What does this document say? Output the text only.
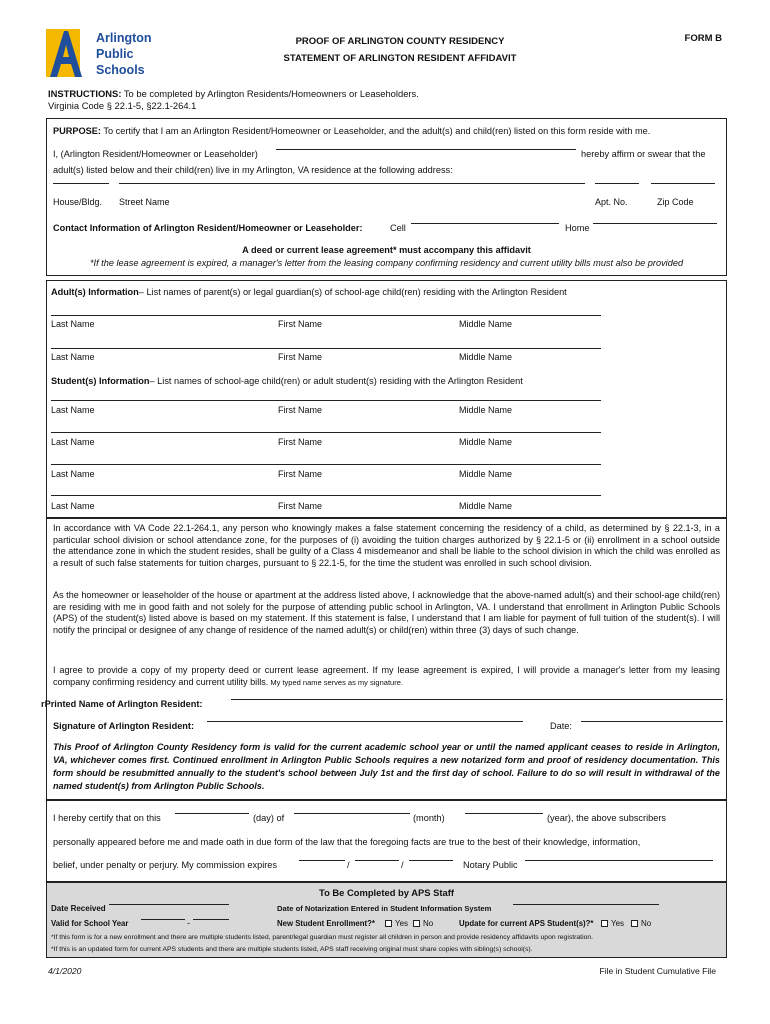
Arlington
Public
Schools
PROOF OF ARLINGTON COUNTY RESIDENCY
STATEMENT OF ARLINGTON RESIDENT AFFIDAVIT
FORM B
INSTRUCTIONS: To be completed by Arlington Residents/Homeowners or Leaseholders.
Virginia Code § 22.1-5, §22.1-264.1
PURPOSE: To certify that I am an Arlington Resident/Homeowner or Leaseholder, and the adult(s) and child(ren) listed on this form reside with me.
I, (Arlington Resident/Homeowner or Leaseholder)	hereby affirm or swear that the
adult(s) listed below and their child(ren) live in my Arlington, VA residence at the following address:
House/Bldg. Street Name	Apt. No.	Zip Code
Contact Information of Arlington Resident/Homeowner or Leaseholder:	Cell	Home
A deed or current lease agreement* must accompany this affidavit
*If the lease agreement is expired, a manager's letter from the leasing company confirming residency and current utility bills must also be provided
Adult(s) Information– List names of parent(s) or legal guardian(s) of school-age child(ren) residing with the Arlington Resident
Last Name	First Name	Middle Name
Last Name	First Name	Middle Name
Student(s) Information– List names of school-age child(ren) or adult student(s) residing with the Arlington Resident
Last Name	First Name	Middle Name
Last Name	First Name	Middle Name
Last Name	First Name	Middle Name
Last Name	First Name	Middle Name
In accordance with VA Code 22.1-264.1, any person who knowingly makes a false statement concerning the residency of a child, as determined by § 22.1-3, in a particular school division or school attendance zone, for the purposes of (i) avoiding the tuition charges authorized by § 22.1-5 or (ii) enrollment in a school outside the attendance zone in which the student resides, shall be guilty of a Class 4 misdemeanor and shall be liable to the school division in which the child was enrolled as a result of such false statements for tuition charges, pursuant to § 22.1-5, for the time the student was enrolled in such school division.
As the homeowner or leaseholder of the house or apartment at the address listed above, I acknowledge that the above-named adult(s) and their school-age child(ren) are residing with me in good faith and not solely for the purpose of attending public school in Arlington, VA. I understand that enrollment in Arlington Public Schools (APS) of the student(s) listed above is based on my statement. If this statement is false, I understand that I am liable for payment of full tuition of the student(s). I will notify the principal or designee of any change of residence of the named adult(s) or child(ren) within three (3) days of such change.
I agree to provide a copy of my property deed or current lease agreement. If my lease agreement is expired, I will provide a manager's letter from my leasing company confirming residency and current utility bills. My typed name serves as my signature.
rPrinted Name of Arlington Resident:
Signature of Arlington Resident:	Date:
This Proof of Arlington County Residency form is valid for the current academic school year or until the named applicant ceases to reside in Arlington, VA, whichever comes first. Continued enrollment in Arlington Public Schools requires a new notarized form and proof of residency documentation. This form should be resubmitted annually to the student's school between July 1st and the first day of school. Failure to do so will result in withdrawal of the named student(s) from Arlington Public Schools.
I hereby certify that on this	(day) of	(month)	(year), the above subscribers
personally appeared before me and made oath in due form of the law that the foregoing facts are true to the best of their knowledge, information,
belief, under penalty or perjury. My commission expires	/	/	Notary Public
To Be Completed by APS Staff
Date Received	Date of Notarization Entered in Student Information System
Valid for School Year	-	New Student Enrollment?*	Yes No	Update for current APS Student(s)?* Yes No
*If this form is for a new enrollment and there are multiple students listed, parent/legal guardian must register all children in person and provide residency affidavits upon registration.
*If this is an updated form for current APS students and there are multiple students listed, APS staff receiving original must share copies with sibling(s) school(s).
4/1/2020	File in Student Cumulative File
